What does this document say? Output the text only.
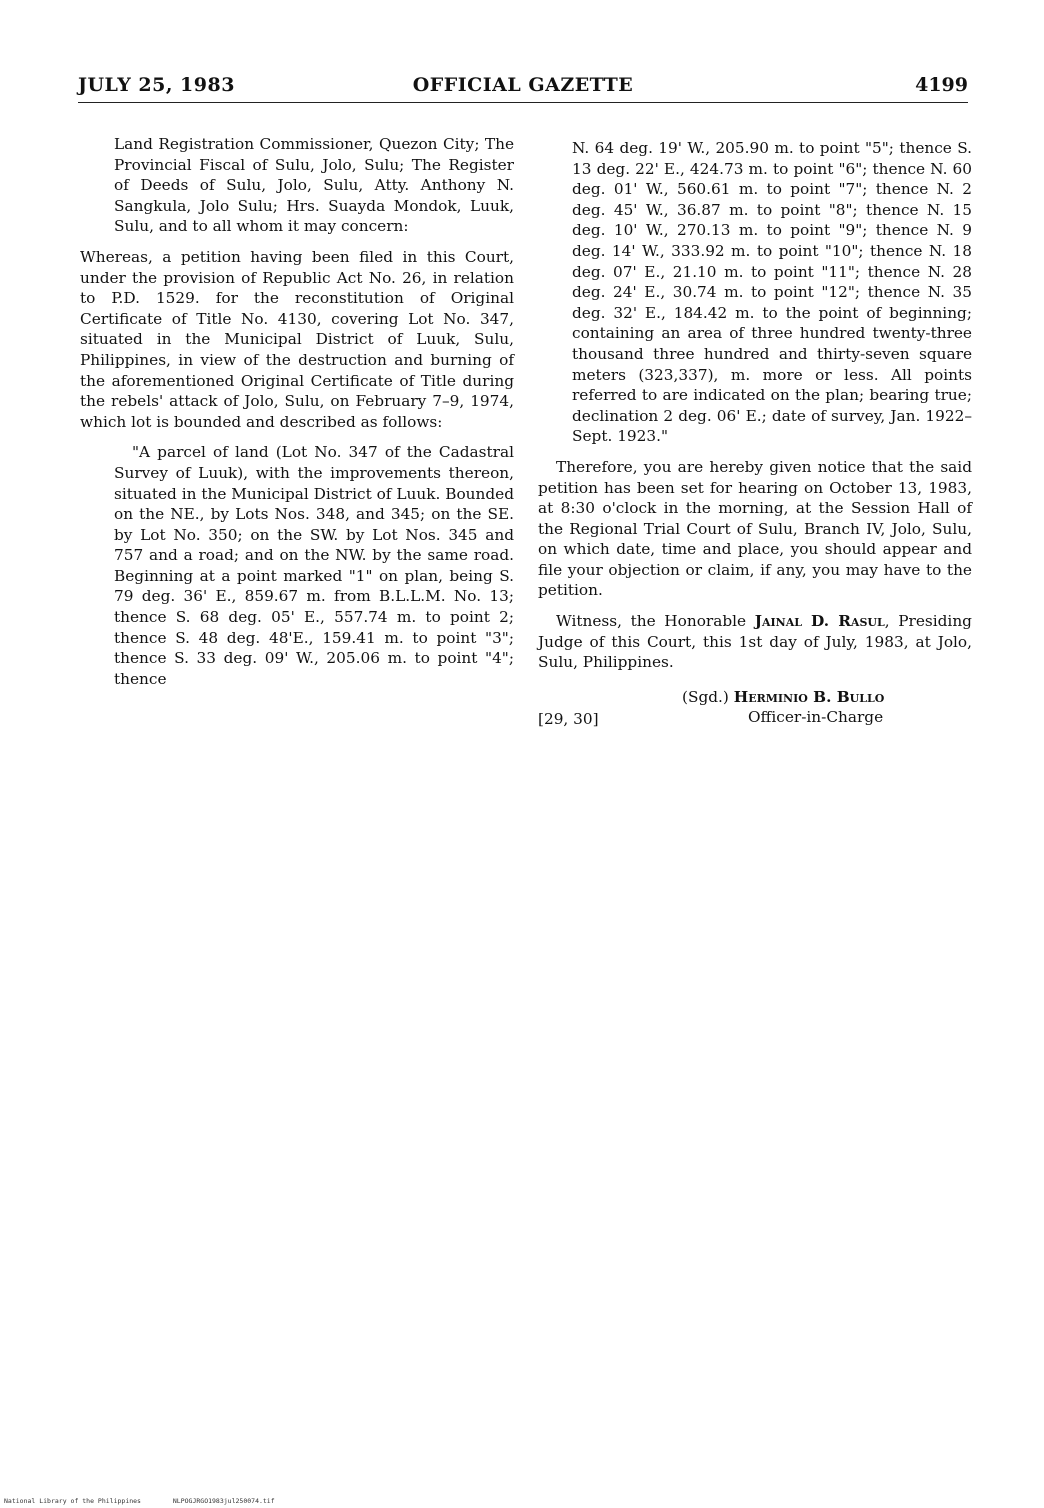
JULY 25, 1983	OFFICIAL GAZETTE	4199

Land Registration Commissioner, Quezon City; The Provincial Fiscal of Sulu, Jolo, Sulu; The Register of Deeds of Sulu, Jolo, Sulu, Atty. Anthony N. Sangkula, Jolo Sulu; Hrs. Suayda Mondok, Luuk, Sulu, and to all whom it may concern:

Whereas, a petition having been filed in this Court, under the provision of Republic Act No. 26, in relation to P.D. 1529. for the reconstitution of Original Certificate of Title No. 4130, covering Lot No. 347, situated in the Municipal District of Luuk, Sulu, Philippines, in view of the destruction and burning of the aforementioned Original Certificate of Title during the rebels' attack of Jolo, Sulu, on February 7–9, 1974, which lot is bounded and described as follows:

"A parcel of land (Lot No. 347 of the Cadastral Survey of Luuk), with the improvements thereon, situated in the Municipal District of Luuk. Bounded on the NE., by Lots Nos. 348, and 345; on the SE. by Lot No. 350; on the SW. by Lot Nos. 345 and 757 and a road; and on the NW. by the same road. Beginning at a point marked "1" on plan, being S. 79 deg. 36' E., 859.67 m. from B.L.L.M. No. 13; thence S. 68 deg. 05' E., 557.74 m. to point 2; thence S. 48 deg. 48'E., 159.41 m. to point "3"; thence S. 33 deg. 09' W., 205.06 m. to point "4"; thence

N. 64 deg. 19' W., 205.90 m. to point "5"; thence S. 13 deg. 22' E., 424.73 m. to point "6"; thence N. 60 deg. 01' W., 560.61 m. to point "7"; thence N. 2 deg. 45' W., 36.87 m. to point "8"; thence N. 15 deg. 10' W., 270.13 m. to point "9"; thence N. 9 deg. 14' W., 333.92 m. to point "10"; thence N. 18 deg. 07' E., 21.10 m. to point "11"; thence N. 28 deg. 24' E., 30.74 m. to point "12"; thence N. 35 deg. 32' E., 184.42 m. to the point of beginning; containing an area of three hundred twenty-three thousand three hundred and thirty-seven square meters (323,337), m. more or less. All points referred to are indicated on the plan; bearing true; declination 2 deg. 06' E.; date of survey, Jan. 1922–Sept. 1923."

Therefore, you are hereby given notice that the said petition has been set for hearing on October 13, 1983, at 8:30 o'clock in the morning, at the Session Hall of the Regional Trial Court of Sulu, Branch IV, Jolo, Sulu, on which date, time and place, you should appear and file your objection or claim, if any, you may have to the petition.

Witness, the Honorable Jainal D. Rasul, Presiding Judge of this Court, this 1st day of July, 1983, at Jolo, Sulu, Philippines.

(Sgd.) Herminio B. Bullo
Officer-in-Charge
[29, 30]
National Library of the Philippines	NLPOGJRGO1983jul250074.tif
